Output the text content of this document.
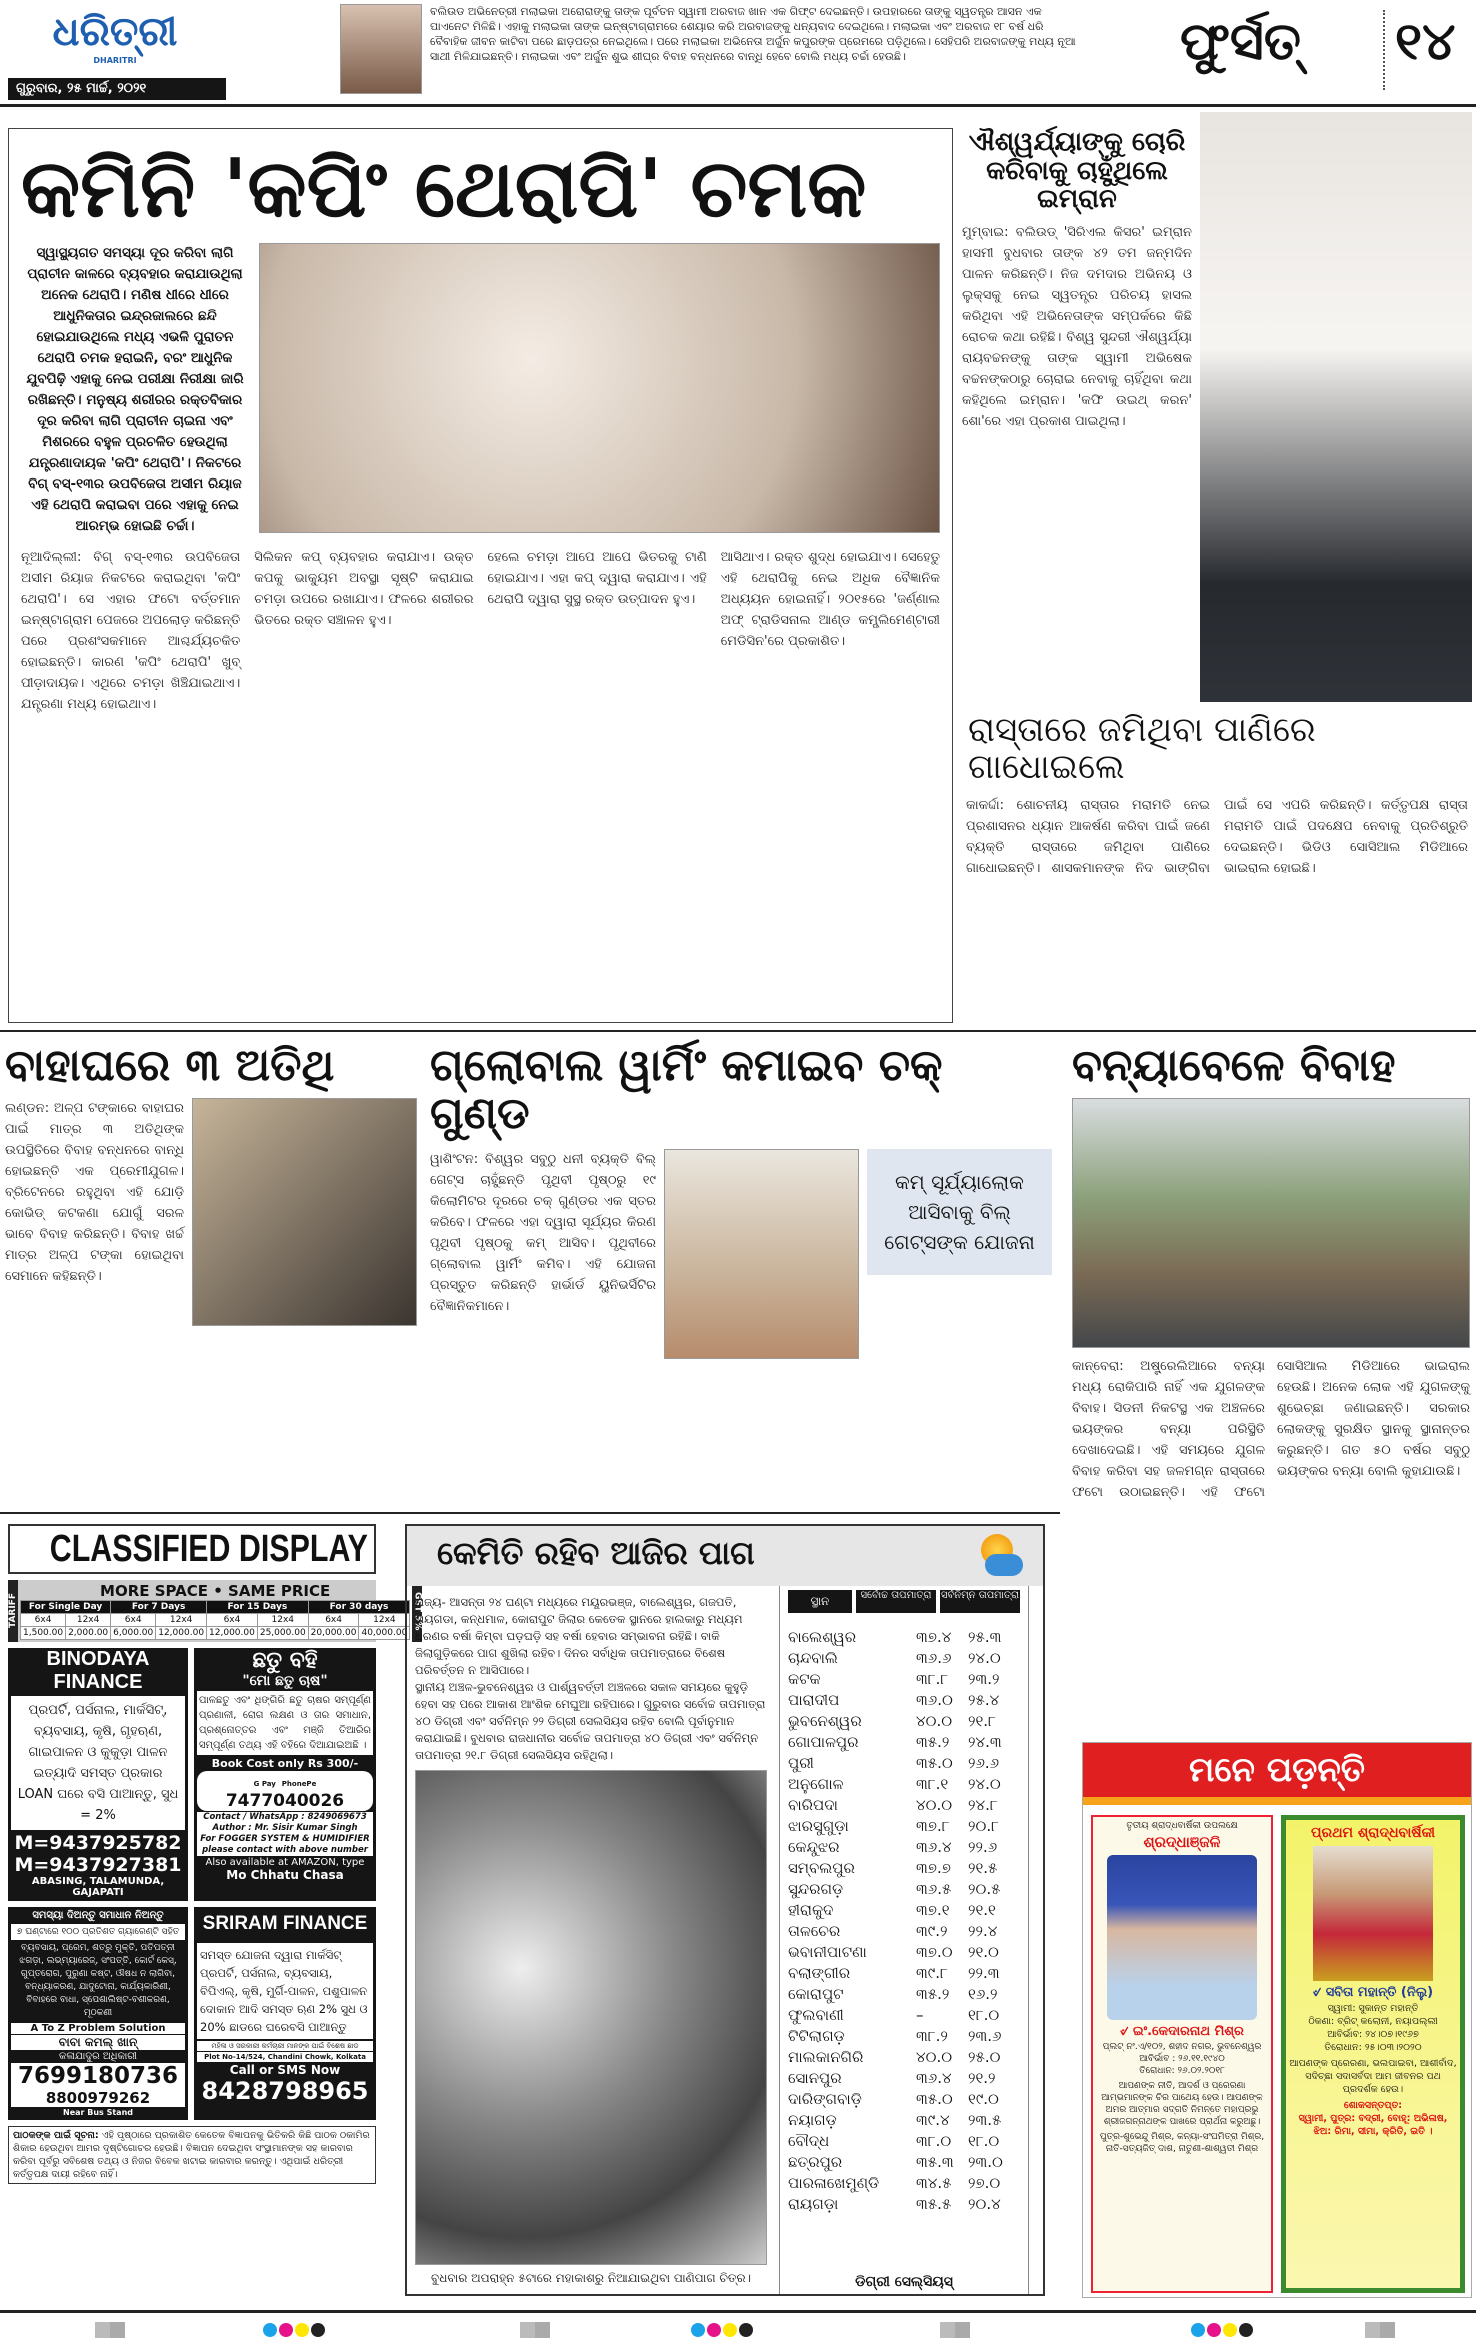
ଧରିତ୍ରୀ
DHARITRI
ଗୁରୁବାର, ୨୫ ମାର୍ଚ୍ଚ, ୨୦୨୧
ବଲିଉଡ ଅଭିନେତ୍ରୀ ମଲାଇକା ଅରୋରାଙ୍କୁ ତାଙ୍କ ପୂର୍ବତନ ସ୍ୱାମୀ ଅରବାଜ ଖାନ ଏକ ଗିଫ୍ଟ ଦେଇଛନ୍ତି। ଉପହାରରେ ତାଙ୍କୁ ସ୍ୱତନ୍ତ୍ର ଆସନ ଏକ ପାଏନେଟ ମିଳିଛି। ଏହାକୁ ମଲାଇକା ତାଙ୍କ ଇନ୍‌ଷ୍ଟାଗ୍ରାମରେ ଶେୟାର କରି ଅରବାଜଙ୍କୁ ଧନ୍ୟବାଦ ଦେଇଥିଲେ। ମଲାଇକା ଏବଂ ଅରବାଜ ୧୮ ବର୍ଷ ଧରି ବୈବାହିକ ଜୀବନ କାଟିବା ପରେ ଛାଡ଼ପତ୍ର ନେଇଥିଲେ। ପରେ ମଲାଇକା ଅଭିନେତା ଅର୍ଜୁନ କପୁରଙ୍କ ପ୍ରେମରେ ପଡ଼ିଥିଲେ। ସେହିପରି ଅରବାଜଙ୍କୁ ମଧ୍ୟ ନୂଆ ସାଥୀ ମିଳିଯାଇଛନ୍ତି। ମଲାଇକା ଏବଂ ଅର୍ଜୁନ ଶୁଭ ଶୀଘ୍ର ବିବାହ ବନ୍ଧନରେ ବାନ୍ଧି ହେବେ ବୋଲି ମଧ୍ୟ ଚର୍ଚ୍ଚା ହେଉଛି।	ଫୁର୍ସତ୍ ୧୪
କମିନି 'କପିଂ ଥେରାପି' ଚମକ
ସ୍ୱାସ୍ଥ୍ୟଗତ ସମସ୍ୟା ଦୂର କରିବା ଲାଗି ପ୍ରାଚୀନ କାଳରେ ବ୍ୟବହାର କରାଯାଉଥିଲା ଅନେକ ଥେରାପି। ମଣିଷ ଧୀରେ ଧୀରେ ଆଧୁନିକତାର ଇନ୍ଦ୍ରଜାଲରେ ଛନ୍ଦି ହୋଇଯାଉଥିଲେ ମଧ୍ୟ ଏଭଳି ପୁରାତନ ଥେରାପି ଚମକ ହରାଇନି, ବରଂ ଆଧୁନିକ ଯୁବପିଢ଼ି ଏହାକୁ ନେଇ ପରୀକ୍ଷା ନିରୀକ୍ଷା ଜାରି ରଖିଛନ୍ତି। ମନୁଷ୍ୟ ଶରୀରର ରକ୍ତବିକାର ଦୂର କରିବା ଲାଗି ପ୍ରାଚୀନ ଚାଇନା ଏବଂ ମିଶରରେ ବହୁଳ ପ୍ରଚଳିତ ହେଉଥିଲା ଯନ୍ତ୍ରଣାଦାୟକ 'କପିଂ ଥେରାପି'। ନିକଟରେ ବିଗ୍ ବସ୍-୧୩ର ଉପବିଜେତା ଅସୀମ ରିୟାଜ ଏହି ଥେରାପି କରାଇବା ପରେ ଏହାକୁ ନେଇ ଆରମ୍ଭ ହୋଇଛି ଚର୍ଚ୍ଚା।
ନୂଆଦିଲ୍ଲୀ: ବିଗ୍ ବସ୍-୧୩ର ଉପବିଜେତା ଅସୀମ ରିୟାଜ ନିକଟରେ କରାଇଥିବା 'କପିଂ ଥେରାପି'। ସେ ଏହାର ଫଟୋ ବର୍ତ୍ତମାନ ଇନ୍‌ଷ୍ଟାଗ୍ରାମ ପେଜରେ ଅପଲୋଡ଼ କରିଛନ୍ତି ପରେ ପ୍ରଶଂସକମାନେ ଆଶ୍ଚର୍ଯ୍ୟଚକିତ ହୋଇଛନ୍ତି। କାରଣ 'କପିଂ ଥେରାପି' ଖୁବ୍ ପୀଡ଼ାଦାୟକ। ଏଥିରେ ଚମଡ଼ା ଖିଞ୍ଚିଯାଇଥାଏ। ଯନ୍ତ୍ରଣା ମଧ୍ୟ ହୋଇଥାଏ।
ସିଲିକନ କପ୍ ବ୍ୟବହାର କରାଯାଏ। ଉକ୍ତ କପକୁ ଭାକ୍ୟୁମ ଅବସ୍ଥା ସୃଷ୍ଟି କରାଯାଇ ଚମଡ଼ା ଉପରେ ରଖାଯାଏ। ଫଳରେ ଶରୀରର ଭିତରେ ରକ୍ତ ସଞ୍ଚାଳନ ହୁଏ।
ହେଲେ ଚମଡ଼ା ଆପେ ଆପେ ଭିତରକୁ ଟାଣି ହୋଇଯାଏ। ଏହା କପ୍ ଦ୍ୱାରା କରାଯାଏ। ଏହି ଥେରାପି ଦ୍ୱାରା ସୁସ୍ଥ ରକ୍ତ ଉତ୍ପାଦନ ହୁଏ।
ଆସିଥାଏ। ରକ୍ତ ଶୁଦ୍ଧ ହୋଇଯାଏ। ସେହେତୁ ଏହି ଥେରାପିକୁ ନେଇ ଅଧିକ ବୈଜ୍ଞାନିକ ଅଧ୍ୟୟନ ହୋଇନାହିଁ। ୨୦୧୫ରେ 'ଜର୍ଣ୍ଣାଲ ଅଫ୍ ଟ୍ରାଡିସନାଲ ଆଣ୍ଡ କମ୍ପ୍ଲିମେଣ୍ଟାରୀ ମେଡିସିନ'ରେ ପ୍ରକାଶିତ।
ଐଶ୍ୱର୍ଯ୍ୟାଙ୍କୁ ଚୋରି କରିବାକୁ ଚାହୁଁଥିଲେ ଇମ୍ରାନ
ମୁମ୍ବାଇ: ବଲିଉଡ୍ 'ସିରିଏଲ କିସର' ଇମ୍ରାନ ହାସମୀ ବୁଧବାର ତାଙ୍କ ୪୨ ତମ ଜନ୍ମଦିନ ପାଳନ କରିଛନ୍ତି। ନିଜ ଦମଦାର ଅଭିନୟ ଓ ଲୁକ୍‌ସକୁ ନେଇ ସ୍ୱତନ୍ତ୍ର ପରିଚୟ ହାସଲ କରିଥିବା ଏହି ଅଭିନେତାଙ୍କ ସମ୍ପର୍କରେ କିଛି ରୋଚକ କଥା ରହିଛି। ବିଶ୍ୱ ସୁନ୍ଦରୀ ଐଶ୍ୱର୍ଯ୍ୟା ରାୟବଚ୍ଚନଙ୍କୁ ତାଙ୍କ ସ୍ୱାମୀ ଅଭିଷେକ ବଚ୍ଚନଙ୍କଠାରୁ ଚୋରାଇ ନେବାକୁ ଚାହିଁଥିବା କଥା କହିଥିଲେ ଇମ୍ରାନ। 'କଫି ଉଇଥ୍ କରନ' ଶୋ'ରେ ଏହା ପ୍ରକାଶ ପାଇଥିଲା।
ରାସ୍ତାରେ ଜମିଥିବା ପାଣିରେ ଗାଧୋଇଲେ
କାକର୍ଦ୍ଦା: ଶୋଚନୀୟ ରାସ୍ତାର ମରାମତି ନେଇ ପ୍ରଶାସନର ଧ୍ୟାନ ଆକର୍ଷଣ କରିବା ପାଇଁ ଜଣେ ବ୍ୟକ୍ତି ରାସ୍ତାରେ ଜମିଥିବା ପାଣିରେ ଗାଧୋଇଛନ୍ତି। ଶାସକମାନଙ୍କ ନିଦ ଭାଙ୍ଗିବା ପାଇଁ ସେ ଏପରି କରିଛନ୍ତି। କର୍ତ୍ତୃପକ୍ଷ ରାସ୍ତା ମରାମତି ପାଇଁ ପଦକ୍ଷେପ ନେବାକୁ ପ୍ରତିଶ୍ରୁତି ଦେଇଛନ୍ତି। ଭିଡିଓ ସୋସିଆଲ ମିଡିଆରେ ଭାଇରାଲ ହୋଇଛି।
ବାହାଘରେ ୩ ଅତିଥି
ଲଣ୍ଡନ: ଅଳ୍ପ ଟଙ୍କାରେ ବାହାଘର ପାଇଁ ମାତ୍ର ୩ ଅତିଥିଙ୍କ ଉପସ୍ଥିତିରେ ବିବାହ ବନ୍ଧନରେ ବାନ୍ଧି ହୋଇଛନ୍ତି ଏକ ପ୍ରେମୀଯୁଗଳ। ବ୍ରିଟେନରେ ରହୁଥିବା ଏହି ଯୋଡ଼ି କୋଭିଡ୍ କଟକଣା ଯୋଗୁଁ ସରଳ ଭାବେ ବିବାହ କରିଛନ୍ତି। ବିବାହ ଖର୍ଚ୍ଚ ମାତ୍ର ଅଳ୍ପ ଟଙ୍କା ହୋଇଥିବା ସେମାନେ କହିଛନ୍ତି।
ଗ୍ଲୋବାଲ ୱାର୍ମିଂ କମାଇବ ଚକ୍ ଗୁଣ୍ଡ
କମ୍ ସୂର୍ଯ୍ୟାଲୋକ ଆସିବାକୁ ବିଲ୍ ଗେଟ୍ସଙ୍କ ଯୋଜନା
ୱାଶିଂଟନ: ବିଶ୍ୱର ସବୁଠୁ ଧନୀ ବ୍ୟକ୍ତି ବିଲ୍ ଗେଟ୍ସ ଚାହୁଁଛନ୍ତି ପୃଥିବୀ ପୃଷ୍ଠରୁ ୧୯ କିଲୋମିଟର ଦୂରରେ ଚକ୍ ଗୁଣ୍ଡର ଏକ ସ୍ତର କରିବେ। ଫଳରେ ଏହା ଦ୍ୱାରା ସୂର୍ଯ୍ୟର କିରଣ ପୃଥିବୀ ପୃଷ୍ଠକୁ କମ୍ ଆସିବ। ପୃଥିବୀରେ ଗ୍ଲୋବାଲ ୱାର୍ମିଂ କମିବ। ଏହି ଯୋଜନା ପ୍ରସ୍ତୁତ କରିଛନ୍ତି ହାର୍ଭାର୍ଡ ୟୁନିଭର୍ସିଟିର ବୈଜ୍ଞାନିକମାନେ।
ବନ୍ୟାବେଳେ ବିବାହ
କାନ୍‌ବେରା: ଅଷ୍ଟ୍ରେଲିଆରେ ବନ୍ୟା ମଧ୍ୟ ରୋକିପାରି ନାହିଁ ଏକ ଯୁଗଳଙ୍କ ବିବାହ। ସିଡନୀ ନିକଟସ୍ଥ ଏକ ଅଞ୍ଚଳରେ ଭୟଙ୍କର ବନ୍ୟା ପରିସ୍ଥିତି ଦେଖାଦେଇଛି। ଏହି ସମୟରେ ଯୁଗଳ ବିବାହ କରିବା ସହ ଜଳମଗ୍ନ ରାସ୍ତାରେ ଫଟୋ ଉଠାଇଛନ୍ତି। ଏହି ଫଟୋ ସୋସିଆଲ ମିଡିଆରେ ଭାଇରାଲ ହେଉଛି। ଅନେକ ଲୋକ ଏହି ଯୁଗଳଙ୍କୁ ଶୁଭେଚ୍ଛା ଜଣାଇଛନ୍ତି। ସରକାର ଲୋକଙ୍କୁ ସୁରକ୍ଷିତ ସ୍ଥାନକୁ ସ୍ଥାନାନ୍ତର କରୁଛନ୍ତି। ଗତ ୫୦ ବର୍ଷର ସବୁଠୁ ଭୟଙ୍କର ବନ୍ୟା ବୋଲି କୁହାଯାଉଛି।
CLASSIFIED DISPLAY
TARIFF
MORE SPACE • SAME PRICE
For Single Day		For 7 Days		For 15 Days		For 30 days	
6x4	12x4	6x4	12x4	6x4	12x4	6x4	12x4
1,500.00	2,000.00	6,000.00	12,000.00	12,000.00	25,000.00	20,000.00	40,000.00
GST 5%
BINODAYA FINANCE
ପ୍ରପର୍ଟି, ପର୍ସନାଲ, ମାର୍କସିଟ୍, ବ୍ୟବସାୟ, କୃଷି, ଗୃହଋଣ, ଗାଇପାଳନ ଓ କୁକୁଡ଼ା ପାଳନ ଇତ୍ୟାଦି ସମସ୍ତ ପ୍ରକାର LOAN ଘରେ ବସି ପାଆନ୍ତୁ, ସୁଧ = 2%
M=9437925782
M=9437927381
ABASING, TALAMUNDA, GAJAPATI
ଛତୁ ବହି
"ମୋ ଛତୁ ଚାଷ"
ପାଳଛତୁ ଏବଂ ଧିଙ୍ଗିରି ଛତୁ ଚାଷର ସମ୍ପୂର୍ଣ୍ଣ ପ୍ରଣାଳୀ, ରୋଗ ଲକ୍ଷଣ ଓ ତାର ସମାଧାନ, ପ୍ରଶ୍ନୋତ୍ତର ଏବଂ ମଞ୍ଜି ତିଆରିର ସମ୍ପୂର୍ଣ୍ଣ ତଥ୍ୟ ଏହି ବହିରେ ଦିଆଯାଇଅଛି ।
Book Cost only Rs 300/-
G Pay PhonePe 7477040026
Contact / WhatsApp : 8249069673
Author : Mr. Sisir Kumar Singh
For FOGGER SYSTEM & HUMIDIFIER
please contact with above number
Also available at AMAZON, type
Mo Chhatu Chasa
ସମସ୍ୟା ଦିଅନ୍ତୁ ସମାଧାନ ନିଅନ୍ତୁ
୭ ଘଣ୍ଟାରେ ୧୦୦ ପ୍ରତିଶତ ଗ୍ୟାରେଣ୍ଟି ସହିତ
ବ୍ୟବସାୟ, ପ୍ରେମ, ଶତ୍ରୁ ମୁକ୍ତି, ପତିପତ୍ନୀ ଝଗଡ଼ା, ଲଭ୍‌ମ୍ୟାରେଜ୍, ସଂପତ୍ତି, କୋର୍ଟ କେସ୍, ଗୁପ୍ତରୋଗ, ପୁରୁଣା କଷ୍ଟ, ଔଷଧ ନ ଲାଗିବା, ବନ୍ଧ୍ୟାକରଣ, ଯାଦୁଟୋନା, କାର୍ଯ୍ୟକାରିଣୀ, ବିବାହରେ ବାଧା, ସ୍ପେଶାଲିଷ୍ଟ-ବଶୀକରଣ, ମୂଠକଣୀ
A To Z Problem Solution
ବାବା କମଲ୍ ଖାନ୍
କଳାଯାଦୁର ଅଧିକାରୀ
7699180736
8800979262
Near Bus Stand
SRIRAM FINANCE
ସମସ୍ତ ଯୋଜନା ଦ୍ୱାରା ମାର୍କସିଟ୍ ପ୍ରପର୍ଟି, ପର୍ସନାଲ, ବ୍ୟବସାୟ, ବିପିଏଲ୍, କୃଷି, ମୁର୍ଗି-ପାଳନ, ପଶୁପାଳନ ଦୋକାନ ଆଦି ସମସ୍ତ ଋଣ 2% ସୁଧ ଓ 20% ଛାଡରେ ଘରେବସି ପାଆନ୍ତୁ
ମହିଳା ଓ ସରକାରୀ କର୍ମଚାରୀ ମାନଙ୍କ ପାଇଁ ବିଶେଷ ଛାଡ
Plot No-14/524, Chandini Chowk, Kolkata
Call or SMS Now
8428798965
ପାଠକଙ୍କ ପାଇଁ ସୂଚନା: ଏହି ପୃଷ୍ଠାରେ ପ୍ରକାଶିତ କେତେକ ବିଜ୍ଞାପନକୁ ଭିତିକରି କିଛି ପାଠକ ଠକାମିର ଶିକାର ହେଉଥିବା ଆମର ଦୃଷ୍ଟିଗୋଚର ହେଉଛି। ବିଜ୍ଞାପନ ଦେଇଥିବା ସଂସ୍ଥାମାନଙ୍କ ସହ କାରବାର କରିବା ପୂର୍ବରୁ ସବିଶେଷ ତଥ୍ୟ ଓ ନିଜର ବିବେକ ଖଟାଇ କାରବାର କରନ୍ତୁ। ଏଥିପାଇଁ ଧରିତ୍ରୀ କର୍ତ୍ତୃପକ୍ଷ ଦାୟୀ ରହିବେ ନାହିଁ।
କେମିତି ରହିବ ଆଜିର ପାଗ

ରାଜ୍ୟ- ଆସନ୍ତା ୨୪ ଘଣ୍ଟା ମଧ୍ୟରେ ମୟୂରଭଞ୍ଜ, ବାଲେଶ୍ୱର, ଗଜପତି, ରାୟଗଡା, କନ୍ଧମାଳ, କୋରାପୁଟ ଜିଲାର କେତେକ ସ୍ଥାନରେ ହାଲକାରୁ ମଧ୍ୟମ ଧରଣର ବର୍ଷା କିମ୍ବା ଘଡ଼ଘଡ଼ି ସହ ବର୍ଷା ହେବାର ସମ୍ଭାବନା ରହିଛି। ବାକି ଜିଲାଗୁଡ଼ିକରେ ପାଗ ଶୁଖିଲା ରହିବ। ଦିନର ସର୍ବାଧିକ ତାପମାତ୍ରାରେ ବିଶେଷ ପରିବର୍ତ୍ତନ ନ ଆସିପାରେ।

ସ୍ଥାନୀୟ ଅଞ୍ଚଳ-ଭୁବନେଶ୍ୱର ଓ ପାର୍ଶ୍ୱବର୍ତ୍ତୀ ଅଞ୍ଚଳରେ ସକାଳ ସମୟରେ କୁହୁଡ଼ି ହେବା ସହ ପରେ ଆକାଶ ଆଂଶିକ ମେଘୁଆ ରହିପାରେ। ଗୁରୁବାର ସର୍ବୋଚ୍ଚ ତାପମାତ୍ରା ୪୦ ଡିଗ୍ରୀ ଏବଂ ସର୍ବନିମ୍ନ ୨୨ ଡିଗ୍ରୀ ସେଲସିୟସ ରହିବ ବୋଲି ପୂର୍ବାନୁମାନ କରାଯାଇଛି। ବୁଧବାର ରାଜଧାନୀର ସର୍ବୋଚ୍ଚ ତାପମାତ୍ରା ୪୦ ଡିଗ୍ରୀ ଏବଂ ସର୍ବନିମ୍ନ ତାପମାତ୍ରା ୨୧.୮ ଡିଗ୍ରୀ ସେଲସିୟସ ରହିଥିଲା।

ବୁଧବାର ଅପରାହ୍ନ ୫ଟାରେ ମହାକାଶରୁ ନିଆଯାଇଥିବା ପାଣିପାଗ ଚିତ୍ର।
ସ୍ଥାନ	ସର୍ବୋଚ୍ଚ ତାପମାତ୍ରା ସର୍ବନିମ୍ନ ତାପମାତ୍ରା
ବାଲେଶ୍ୱର	୩୭.୪	୨୫.୩
ଚାନ୍ଦବାଲି	୩୬.୬	୨୪.୦
କଟକ	୩୮.୮	୨୩.୨
ପାରାଦୀପ	୩୬.୦	୨୫.୪
ଭୁବନେଶ୍ୱର	୪୦.୦	୨୧.୮
ଗୋପାଳପୁର	୩୫.୨	୨୪.୩
ପୁରୀ	୩୫.୦	୨୬.୬
ଅନୁଗୋଳ	୩୮.୧	୨୪.୦
ବାରିପଦା	୪୦.୦	୨୪.୮
ଝାରସୁଗୁଡ଼ା	୩୭.୮	୨୦.୮
କେନ୍ଦୁଝର	୩୬.୪	୨୨.୬
ସମ୍ବଲପୁର	୩୭.୭	୨୧.୫
ସୁନ୍ଦରଗଡ଼	୩୬.୫	୨୦.୫
ହୀରାକୁଦ	୩୭.୧	୨୧.୧
ତାଳଚେର	୩୯.୨	୨୨.୪
ଭବାନୀପାଟଣା	୩୭.୦	୨୧.୦
ବଲାଙ୍ଗୀର	୩୯.୮	୨୨.୩
କୋରାପୁଟ	୩୫.୨	୧୬.୨
ଫୁଲବାଣୀ	–	୧୮.୦
ଟିଟିଲାଗଡ଼	୩୮.୨	୨୩.୬
ମାଲକାନଗିରି	୪୦.୦	୨୫.୦
ସୋନପୁର	୩୬.୪	୨୧.୨
ଦାରିଙ୍ଗବାଡ଼ି	୩୫.୦	୧୯.୦
ନୟାଗଡ଼	୩୯.୪	୨୩.୫
ବୌଦ୍ଧ	୩୮.୦	୧୮.୦
ଛତ୍ରପୁର	୩୫.୩ ୨୩.୦
ପାରଳାଖେମୁଣ୍ଡି	୩୪.୫	୨୭.୦
ରାୟଗଡ଼ା	୩୫.୫	୨୦.୪
ଡିଗ୍ରୀ ସେଲ୍‌ସିୟସ୍
ମନେ ପଡ଼ନ୍ତି
ତୃତୀୟ ଶ୍ରାଦ୍ଧବାର୍ଷିକୀ ଉପଲକ୍ଷେ
ଶ୍ରଦ୍ଧାଞ୍ଜଳି
୰ ଇଂ.କେଦାରନାଥ ମିଶ୍ର
ପ୍ଲଟ୍ ନଂ.ଏ/୧୦୨, ଶହୀଦ ନଗର, ଭୁବନେଶ୍ୱର
ଆବିର୍ଭାବ : ୨୬.୧୧.୧୯୪୦
ତିରୋଧାନ: ୨୬.୦୨.୨୦୧୮
ଆପଣଙ୍କ ନୀତି, ଆଦର୍ଶ ଓ ପ୍ରେରଣା ଆମ୍ଭମାନଙ୍କ ଚିର ପାଥେୟ ହେଉ। ଆପଣଙ୍କ ଅମର ଆତ୍ମାର ସଦ୍‌ଗତି ନିମନ୍ତେ ମହାପ୍ରଭୁ ଶ୍ରୀଜଗନ୍ନାଥଙ୍କ ପାଖରେ ପ୍ରାର୍ଥନା କରୁଅଛୁ।
ପୁତ୍ର-ଶୁଭେନ୍ଦୁ ମିଶ୍ର, କନ୍ୟା-ସଂଘମିତ୍ରା ମିଶ୍ର, ନାତି-ସତ୍ୟଜିତ୍ ଦାଶ, ନାତୁଣୀ-ଶାଶ୍ୱତୀ ମିଶ୍ର
ପ୍ରଥମ ଶ୍ରାଦ୍ଧବାର୍ଷିକୀ
୰ ସବିତା ମହାନ୍ତି (ନିଲୁ)
ସ୍ୱାମୀ: ସୁକାନ୍ତ ମହାନ୍ତି
ଠିକଣା: ବ୍ରିଟ୍ କଲୋନୀ, ନୟାପଲ୍ଲୀ
ଆବିର୍ଭାବ: ୨୪।୦୭।୧୯୬୭
ତିରୋଧାନ: ୨୫।୦୩।୨୦୨୦
ଆପଣଙ୍କ ପ୍ରେରଣା, ଭଲପାଇବା, ଆଶୀର୍ବାଦ, ସଦିଚ୍ଛା ସଦାସର୍ବଦା ଆମ ଜୀବନର ପଥ ପ୍ରଦର୍ଶକ ହେଉ।
ଶୋକସନ୍ତପ୍ତ:
ସ୍ୱାମୀ, ପୁତ୍ର: ବଦ୍ରୀ, ବୋହୂ: ଅଭିଳାଷ, ଝିଅ: ରିମା, ସୀମା, କ୍ରିତି, ଇତି ।
